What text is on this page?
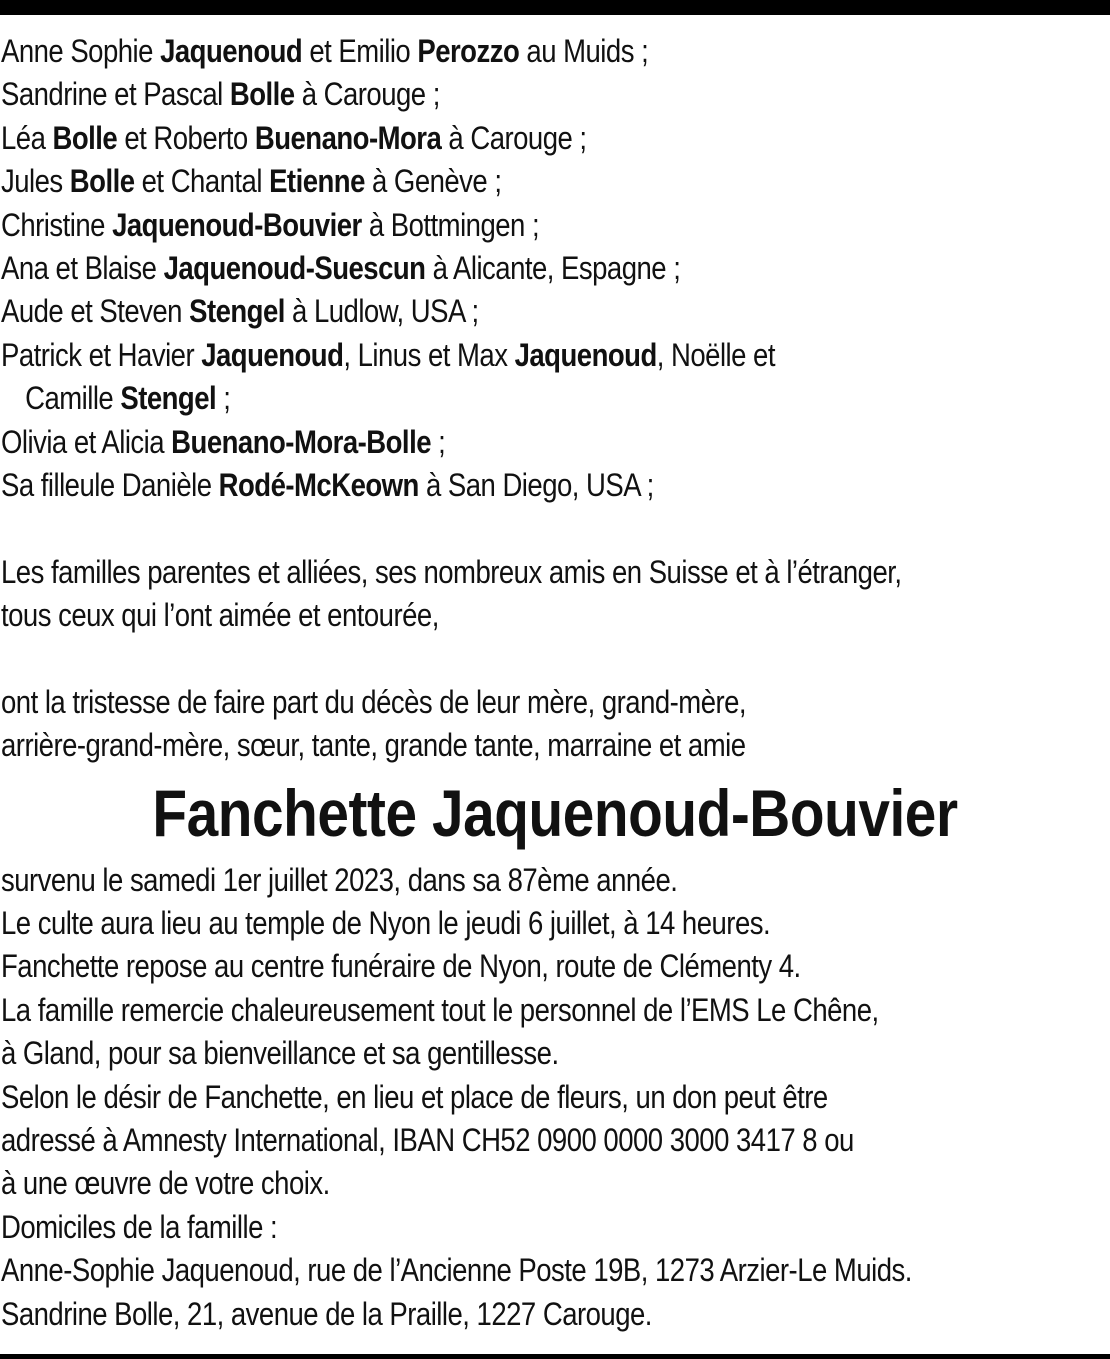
Anne Sophie Jaquenoud et Emilio Perozzo au Muids ;
Sandrine et Pascal Bolle à Carouge ;
Léa Bolle et Roberto Buenano-Mora à Carouge ;
Jules Bolle et Chantal Etienne à Genève ;
Christine Jaquenoud-Bouvier à Bottmingen ;
Ana et Blaise Jaquenoud-Suescun à Alicante, Espagne ;
Aude et Steven Stengel à Ludlow, USA ;
Patrick et Havier Jaquenoud, Linus et Max Jaquenoud, Noëlle et
Camille Stengel ;
Olivia et Alicia Buenano-Mora-Bolle ;
Sa filleule Danièle Rodé-McKeown à San Diego, USA ;
Les familles parentes et alliées, ses nombreux amis en Suisse et à l’étranger,
tous ceux qui l’ont aimée et entourée,
ont la tristesse de faire part du décès de leur mère, grand-mère,
arrière-grand-mère, sœur, tante, grande tante, marraine et amie
Fanchette Jaquenoud-Bouvier
survenu le samedi 1er juillet 2023, dans sa 87ème année.
Le culte aura lieu au temple de Nyon le jeudi 6 juillet, à 14 heures.
Fanchette repose au centre funéraire de Nyon, route de Clémenty 4.
La famille remercie chaleureusement tout le personnel de l’EMS Le Chêne,
à Gland, pour sa bienveillance et sa gentillesse.
Selon le désir de Fanchette, en lieu et place de fleurs, un don peut être
adressé à Amnesty International, IBAN CH52 0900 0000 3000 3417 8 ou
à une œuvre de votre choix.
Domiciles de la famille :
Anne-Sophie Jaquenoud, rue de l’Ancienne Poste 19B, 1273 Arzier-Le Muids.
Sandrine Bolle, 21, avenue de la Praille, 1227 Carouge.
